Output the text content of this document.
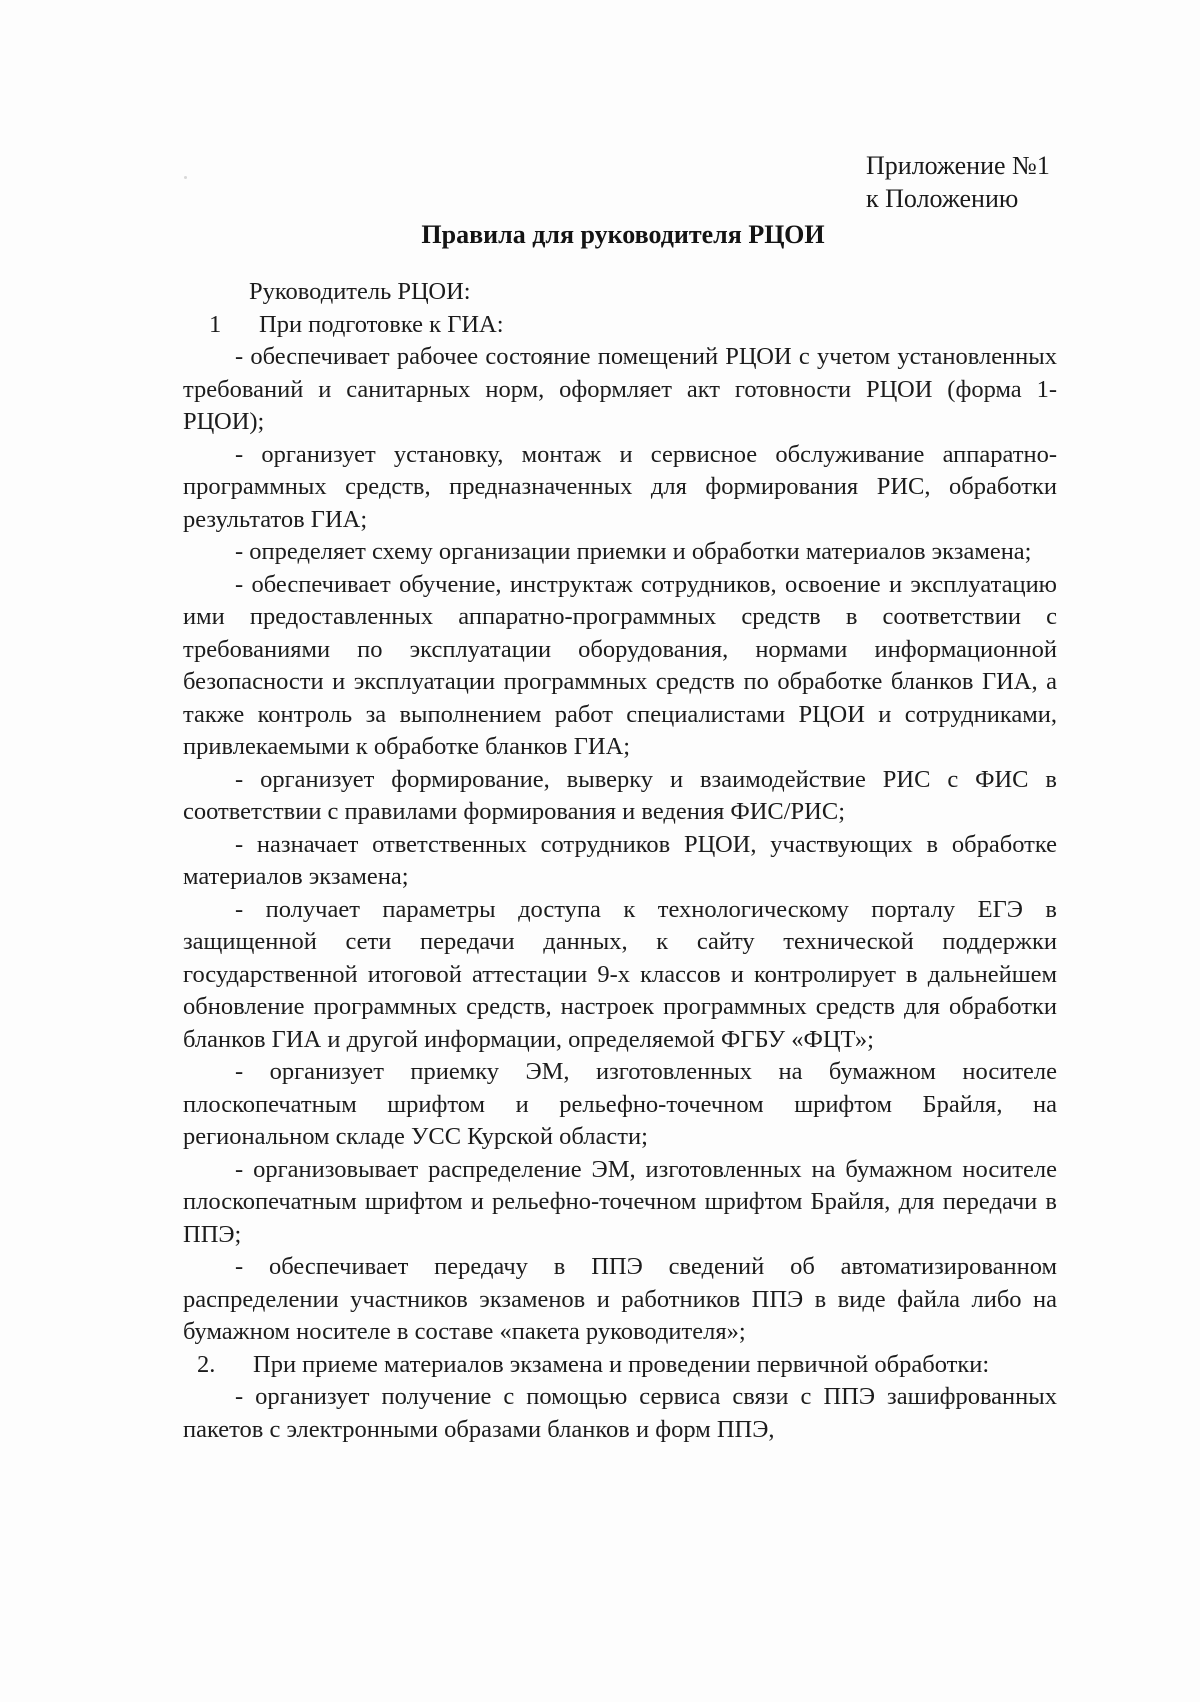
Приложение №1
к Положению
Правила для руководителя РЦОИ

Руководитель РЦОИ:

1 При подготовке к ГИА:

- обеспечивает рабочее состояние помещений РЦОИ с учетом установленных требований и санитарных норм, оформляет акт готовности РЦОИ (форма 1-РЦОИ);

- организует установку, монтаж и сервисное обслуживание аппаратно-программных средств, предназначенных для формирования РИС, обработки результатов ГИА;

- определяет схему организации приемки и обработки материалов экзамена;

- обеспечивает обучение, инструктаж сотрудников, освоение и эксплуатацию ими предоставленных аппаратно-программных средств в соответствии с требованиями по эксплуатации оборудования, нормами информационной безопасности и эксплуатации программных средств по обработке бланков ГИА, а также контроль за выполнением работ специалистами РЦОИ и сотрудниками, привлекаемыми к обработке бланков ГИА;

- организует формирование, выверку и взаимодействие РИС с ФИС в соответствии с правилами формирования и ведения ФИС/РИС;

- назначает ответственных сотрудников РЦОИ, участвующих в обработке материалов экзамена;

- получает параметры доступа к технологическому порталу ЕГЭ в защищенной сети передачи данных, к сайту технической поддержки государственной итоговой аттестации 9-х классов и контролирует в дальнейшем обновление программных средств, настроек программных средств для обработки бланков ГИА и другой информации, определяемой ФГБУ «ФЦТ»;

- организует приемку ЭМ, изготовленных на бумажном носителе плоскопечатным шрифтом и рельефно-точечном шрифтом Брайля, на региональном складе УСС Курской области;

- организовывает распределение ЭМ, изготовленных на бумажном носителе плоскопечатным шрифтом и рельефно-точечном шрифтом Брайля, для передачи в ППЭ;

- обеспечивает передачу в ППЭ сведений об автоматизированном распределении участников экзаменов и работников ППЭ в виде файла либо на бумажном носителе в составе «пакета руководителя»;

2. При приеме материалов экзамена и проведении первичной обработки:

- организует получение с помощью сервиса связи с ППЭ зашифрованных пакетов с электронными образами бланков и форм ППЭ,
